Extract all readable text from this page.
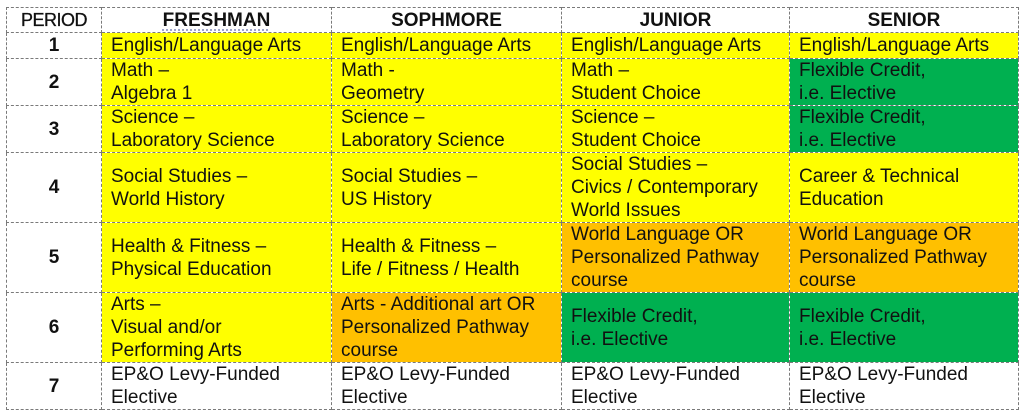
PERIOD	FRESHMAN	SOPHMORE	JUNIOR	SENIOR
1	English/Language Arts	English/Language Arts	English/Language Arts	English/Language Arts

2	Math –
Algebra 1	Math -
Geometry	Math –
Student Choice	Flexible Credit,
i.e. Elective

3	Science –
Laboratory Science	Science –
Laboratory Science	Science –
Student Choice	Flexible Credit,
i.e. Elective

4	Social Studies –
World History	Social Studies –
US History	Social Studies –
Civics / Contemporary
World Issues	Career & Technical
Education

5	Health & Fitness –
Physical Education	Health & Fitness –
Life / Fitness / Health	World Language OR
Personalized Pathway
course	World Language OR
Personalized Pathway
course

6	Arts –
Visual and/or
Performing Arts	Arts - Additional art OR
Personalized Pathway
course	Flexible Credit,
i.e. Elective	Flexible Credit,
i.e. Elective

7	EP&O Levy-Funded
Elective	EP&O Levy-Funded
Elective	EP&O Levy-Funded
Elective	EP&O Levy-Funded
Elective
